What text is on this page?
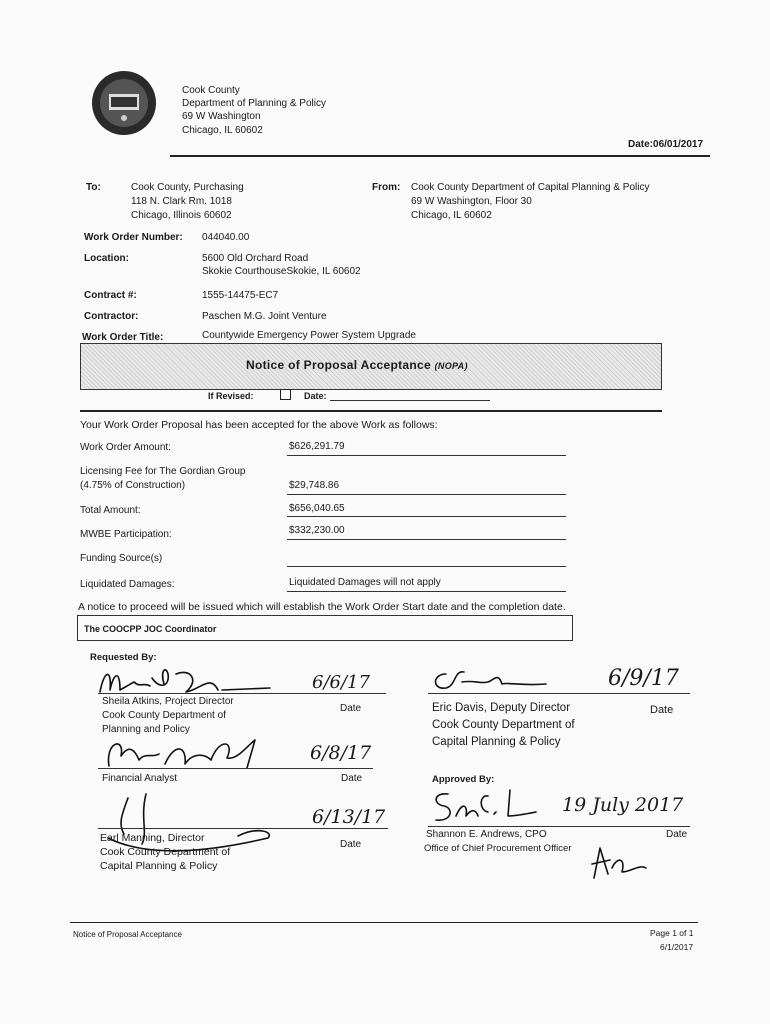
Cook County
Department of Planning & Policy
69 W Washington
Chicago, IL 60602
Date:06/01/2017
To:	Cook County, Purchasing
118 N. Clark Rm. 1018
Chicago, Illinois 60602
From: Cook County Department of Capital Planning & Policy
69 W Washington, Floor 30
Chicago, IL 60602
Work Order Number: 044040.00
Location:	5600 Old Orchard Road
Skokie CourthouseSkokie, IL 60602
Contract #:	1555-14475-EC7
Contractor:	Paschen M.G. Joint Venture
Work Order Title:	Countywide Emergency Power System Upgrade
Notice of Proposal Acceptance (NOPA)
If Revised:	Date:
Your Work Order Proposal has been accepted for the above Work as follows:
Work Order Amount:	$626,291.79
Licensing Fee for The Gordian Group
(4.75% of Construction)	$29,748.86
Total Amount:	$656,040.65
MWBE Participation:	$332,230.00
Funding Source(s)
Liquidated Damages:	Liquidated Damages will not apply
A notice to proceed will be issued which will establish the Work Order Start date and the completion date.
The COOCPP JOC Coordinator
Requested By:
6/6/17
Sheila Atkins, Project Director
Cook County Department of
Planning and Policy
Date
6/9/17
Eric Davis, Deputy Director
Cook County Department of
Capital Planning & Policy
Date
6/8/17
Financial Analyst	Date	Approved By:
6/13/17
Earl Manning, Director
Cook County Department of
Capital Planning & Policy
Date
19 July 2017
Shannon E. Andrews, CPO
Office of Chief Procurement Officer
Date
Notice of Proposal Acceptance	Page 1 of 1
6/1/2017
